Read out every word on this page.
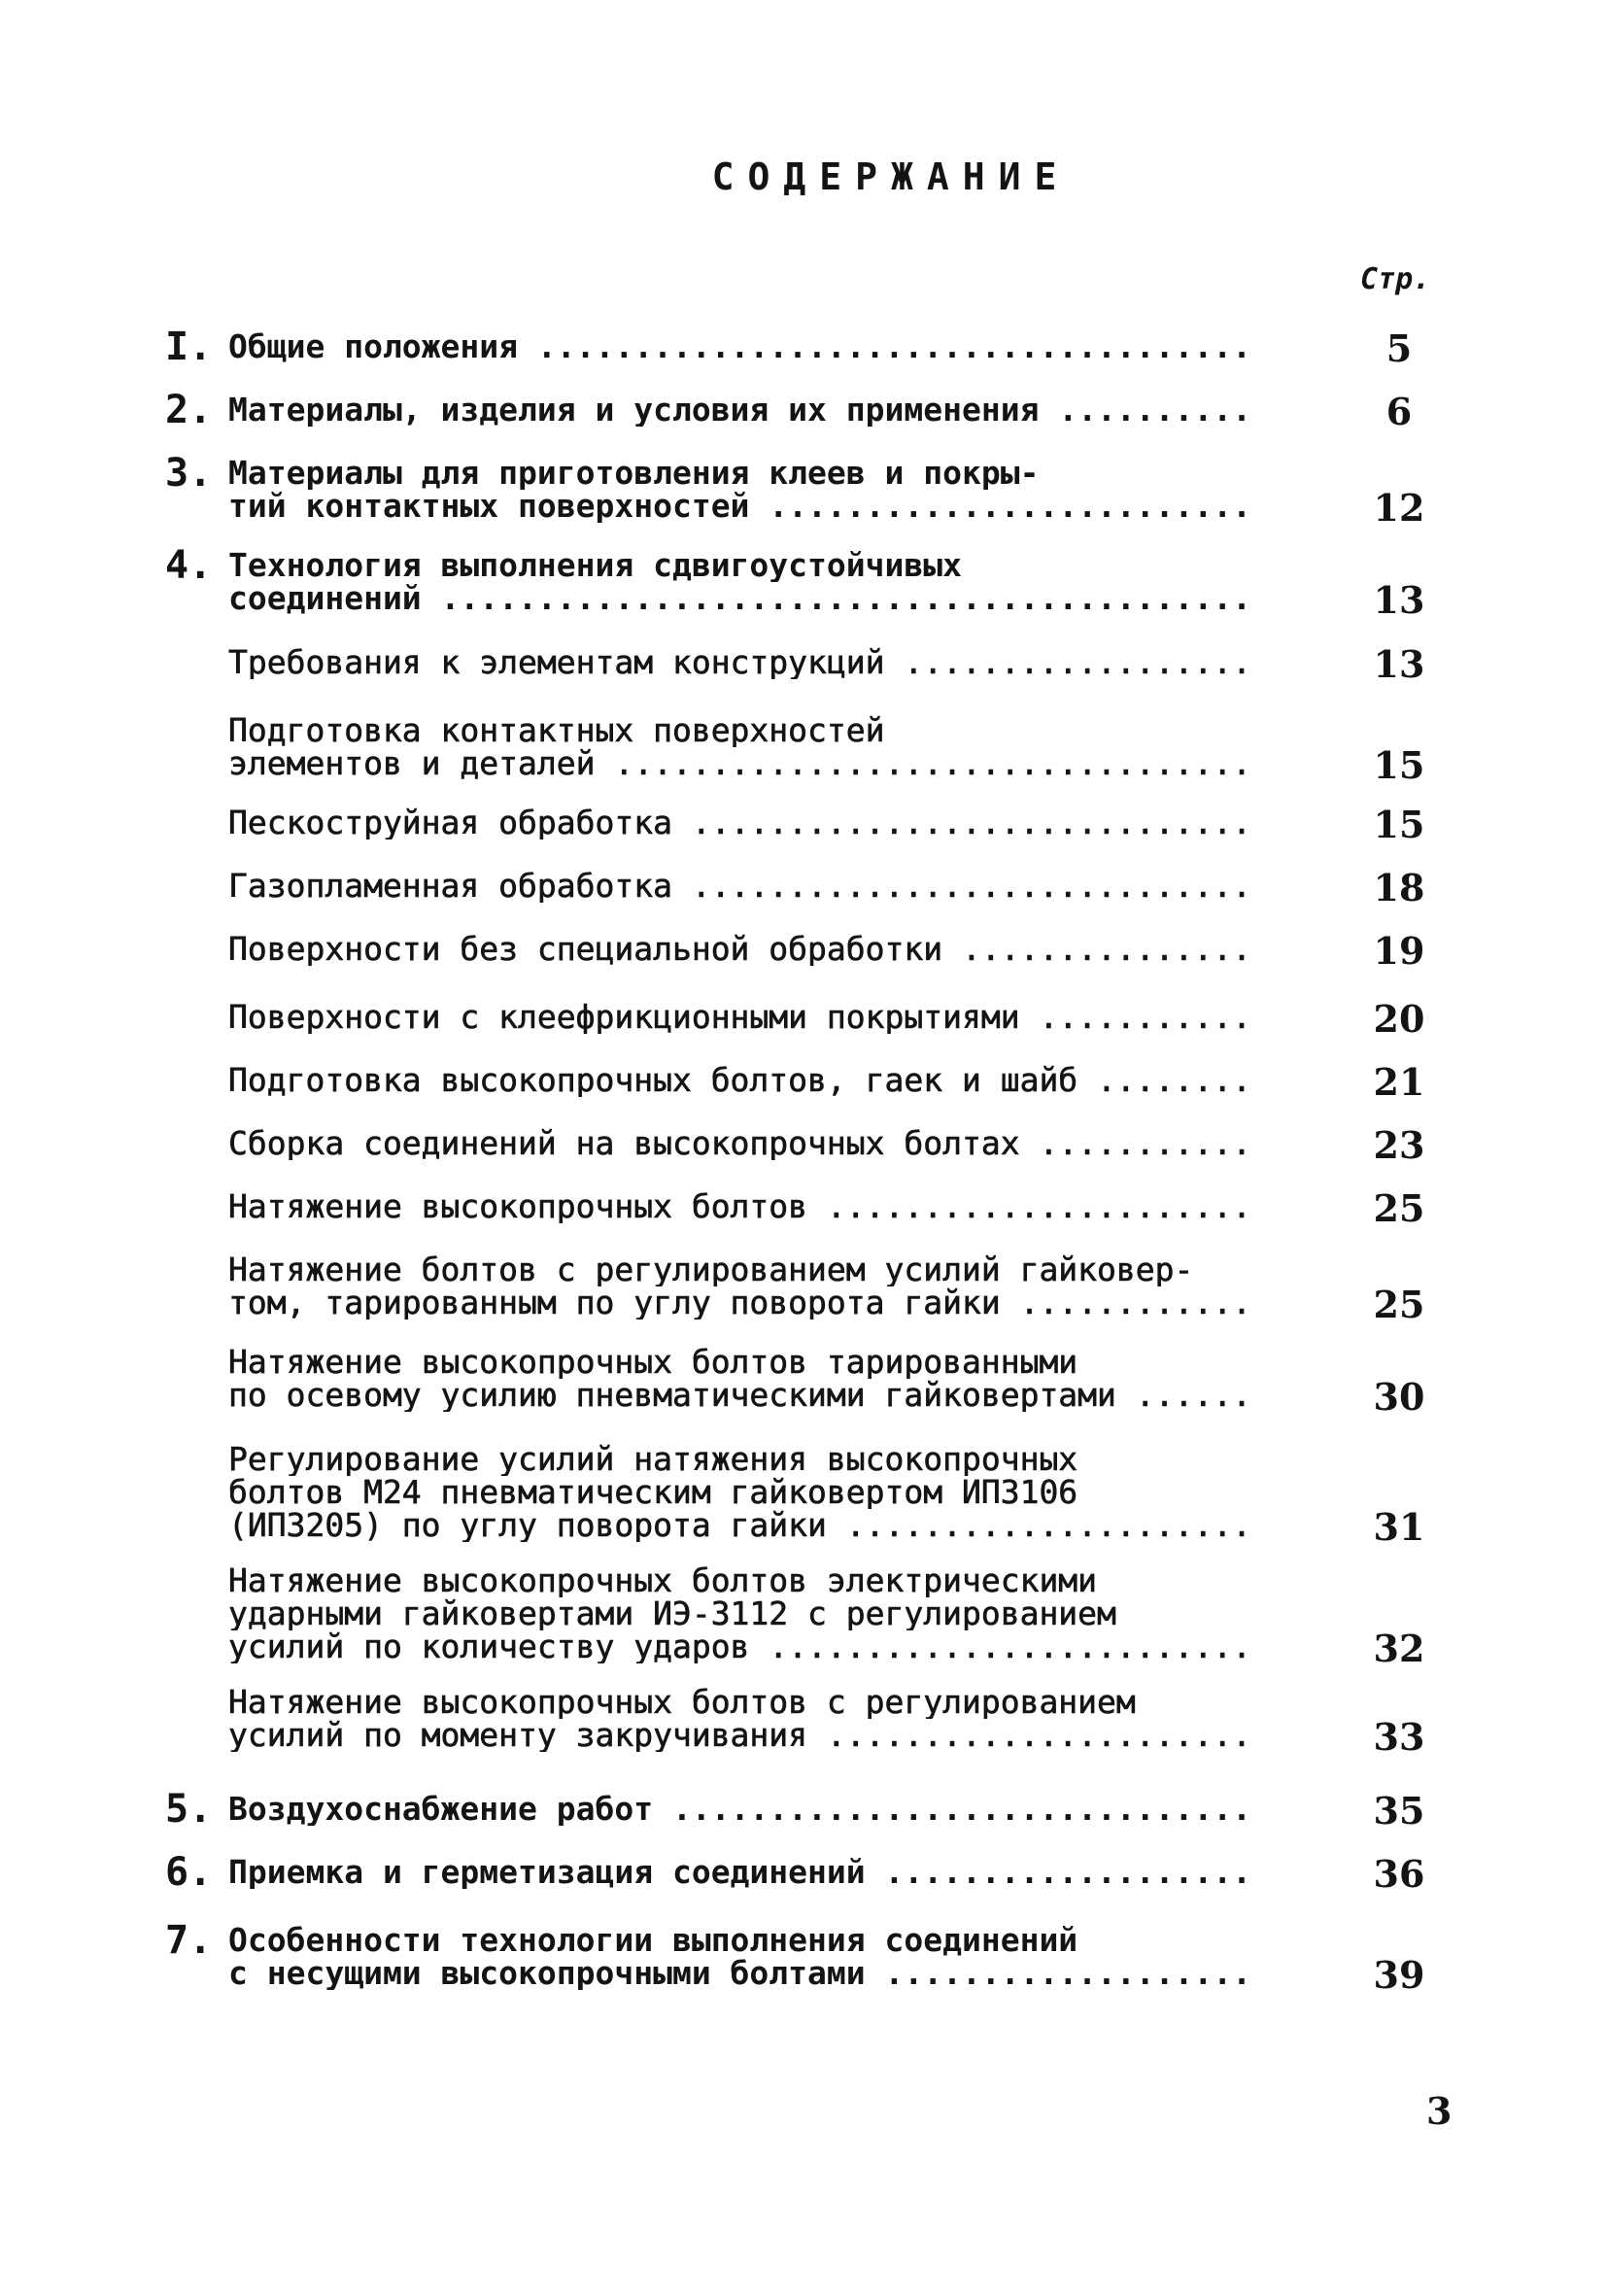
СОДЕРЖАНИЕ
Стр.
I. Общие положения .....	5
2. Материалы, изделия и условия их применения .....	6
3. Материалы для приготовления клеев и покры-
тий контактных поверхностей .....	12
4. Технология выполнения сдвигоустойчивых
соединений .....	13
Требования к элементам конструкций .....	13
Подготовка контактных поверхностей
элементов и деталей .....	15
Пескоструйная обработка .....	15
Газопламенная обработка .....	18
Поверхности без специальной обработки .....	19
Поверхности с клеефрикционными покрытиями .....	20
Подготовка высокопрочных болтов, гаек и шайб .....	21
Сборка соединений на высокопрочных болтах .....	23
Натяжение высокопрочных болтов .....	25
Натяжение болтов с регулированием усилий гайковер-
том, тарированным по углу поворота гайки .....	25
Натяжение высокопрочных болтов тарированными
по осевому усилию пневматическими гайковертами .....	30
Регулирование усилий натяжения высокопрочных
болтов М24 пневматическим гайковертом ИП3106
(ИП3205) по углу поворота гайки .....	31
Натяжение высокопрочных болтов электрическими
ударными гайковертами ИЭ-3112 с регулированием
усилий по количеству ударов .....	32
Натяжение высокопрочных болтов с регулированием
усилий по моменту закручивания .....	33
5. Воздухоснабжение работ .....	35
6. Приемка и герметизация соединений .....	36
7. Особенности технологии выполнения соединений
с несущими высокопрочными болтами .....	39
3
